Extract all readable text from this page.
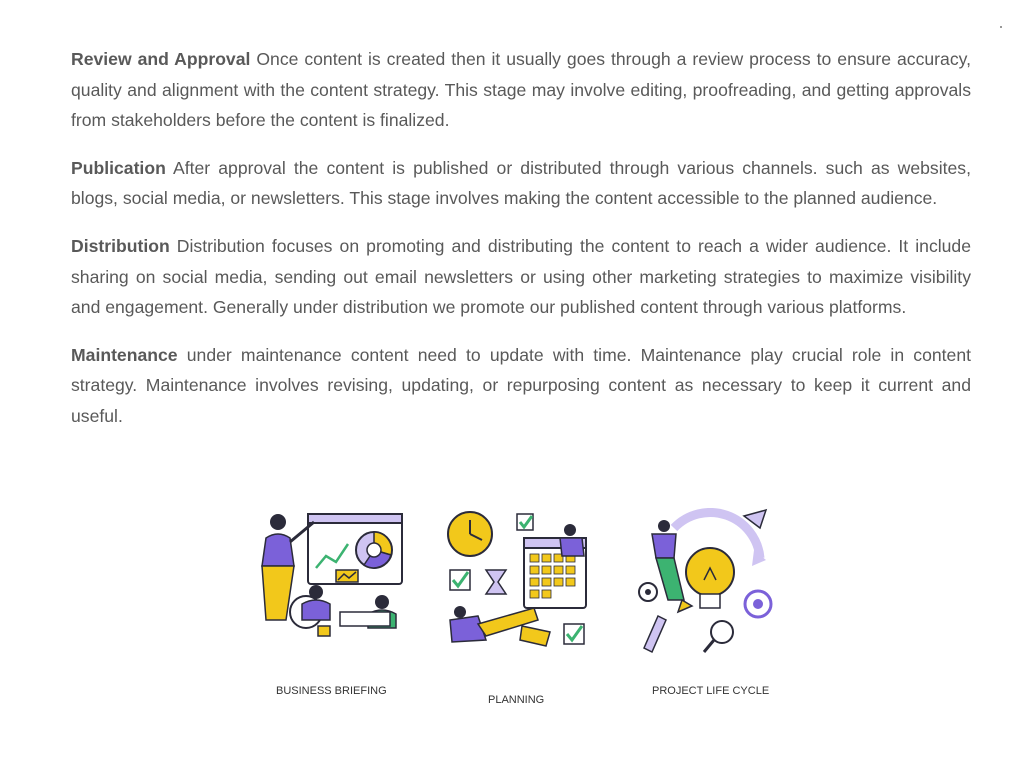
Review and Approval Once content is created then it usually goes through a review process to ensure accuracy, quality and alignment with the content strategy. This stage may involve editing, proofreading, and getting approvals from stakeholders before the content is finalized.

Publication After approval the content is published or distributed through various channels. such as websites, blogs, social media, or newsletters. This stage involves making the content accessible to the planned audience.

Distribution Distribution focuses on promoting and distributing the content to reach a wider audience. It include sharing on social media, sending out email newsletters or using other marketing strategies to maximize visibility and engagement. Generally under distribution we promote our published content through various platforms.

Maintenance under maintenance content need to update with time. Maintenance play crucial role in content strategy. Maintenance involves revising, updating, or repurposing content as necessary to keep it current and useful.

BUSINESS BRIEFING
PLANNING
PROJECT LIFE CYCLE
